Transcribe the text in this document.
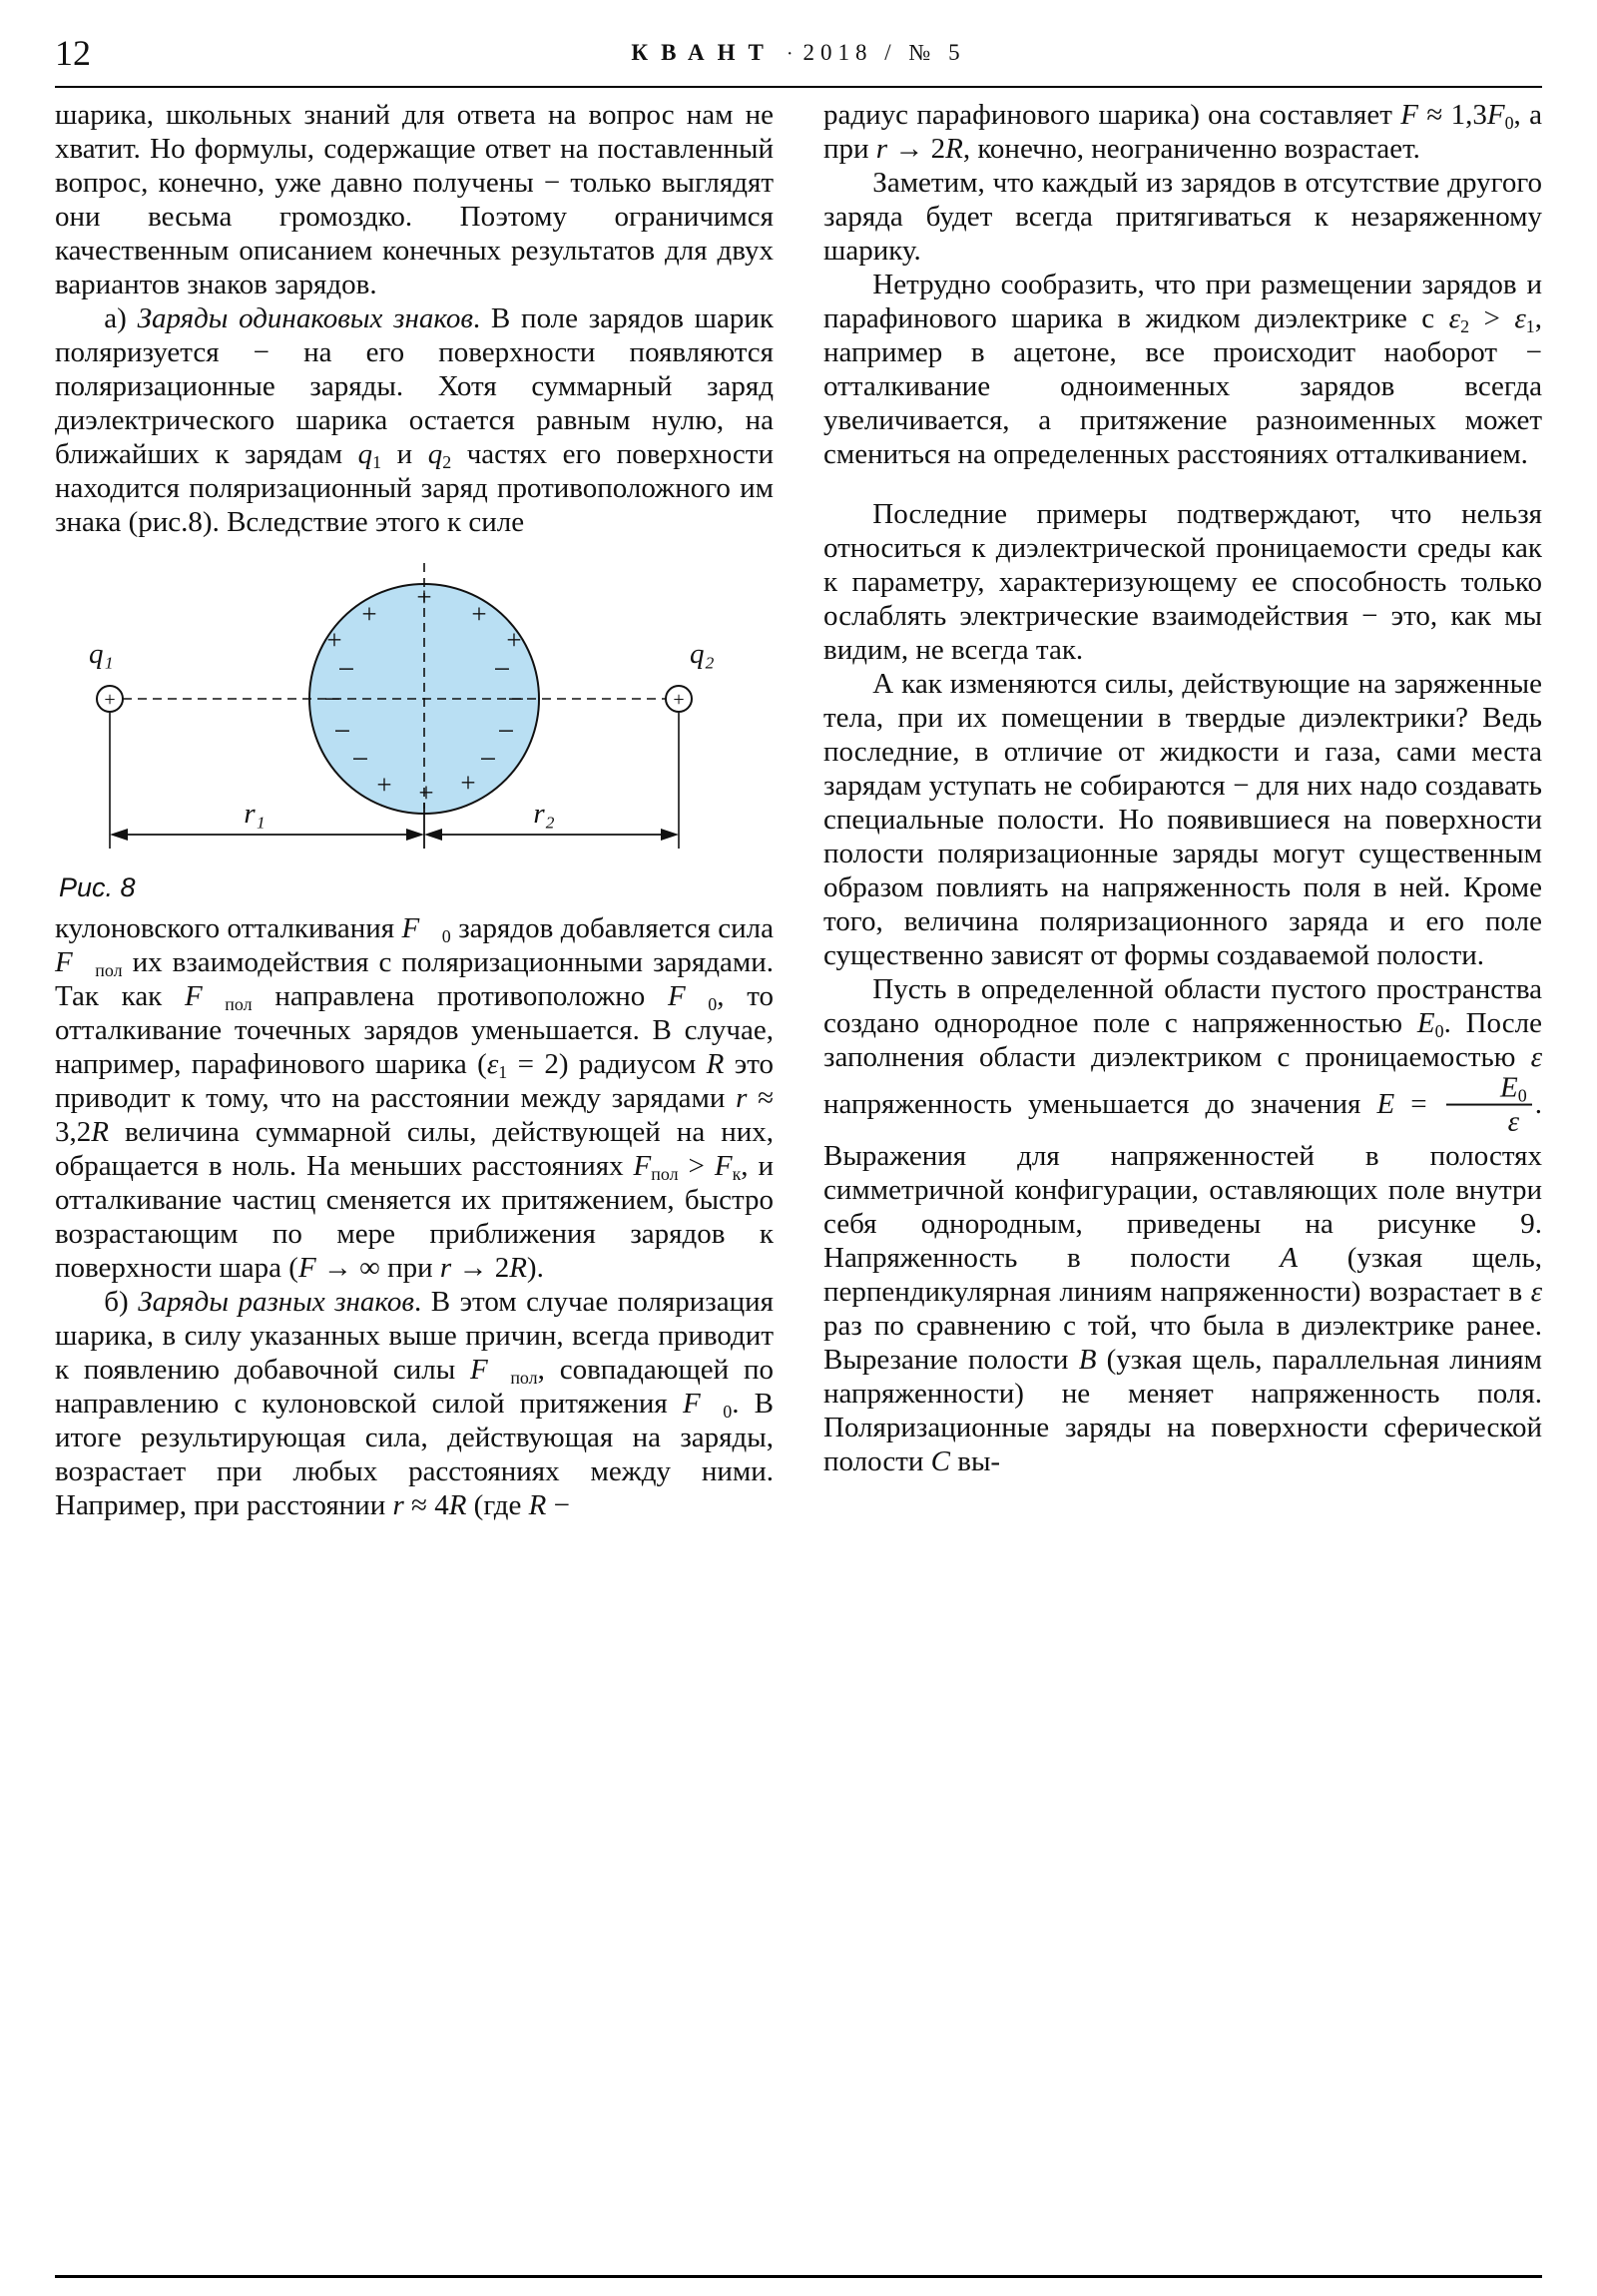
12	КВАНТ · 2018 / № 5

шарика, школьных знаний для ответа на вопрос нам не хватит. Но формулы, содержащие ответ на поставленный вопрос, конечно, уже давно получены − только выглядят они весьма громоздко. Поэтому ограничимся качественным описанием конечных результатов для двух вариантов знаков зарядов.

а) Заряды одинаковых знаков. В поле зарядов шарик поляризуется − на его поверхности появляются поляризационные заряды. Хотя суммарный заряд диэлектрического шарика остается равным нулю, на ближайших к зарядам $q_1$ и $q_2$ частях его поверхности находится поляризационный заряд противоположного им знака (рис.8). Вследствие этого к силе

+
+
+
+	+
−
−
−
−
−
−
−
−
+ + +
+
q₁
+
q₂
r₁	r₂
Рис. 8

кулоновского отталкивания $F⃗_0$ зарядов добавляется сила $F⃗_{пол}$ их взаимодействия с поляризационными зарядами. Так как $F⃗_{пол}$ направлена противоположно $F⃗_0$, то отталкивание точечных зарядов уменьшается. В случае, например, парафинового шарика $(\varepsilon_1 = 2)$ радиусом R это приводит к тому, что на расстоянии между зарядами r ≈ 3,2R величина суммарной силы, действующей на них, обращается в ноль. На меньших расстояниях $F_{пол} > F_к$, и отталкивание частиц сменяется их притяжением, быстро возрастающим по мере приближения зарядов к поверхности шара (F → ∞ при r → 2R).

б) Заряды разных знаков. В этом случае поляризация шарика, в силу указанных выше причин, всегда приводит к появлению добавочной силы $F⃗_{пол}$, совпадающей по направлению с кулоновской силой притяжения $F⃗_0$. В итоге результирующая сила, действующая на заряды, возрастает при любых расстояниях между ними. Например, при расстоянии r ≈ 4R (где R −

радиус парафинового шарика) она составляет $F \approx 1,3F_0$, а при r → 2R, конечно, неограниченно возрастает.

Заметим, что каждый из зарядов в отсутствие другого заряда будет всегда притягиваться к незаряженному шарику.

Нетрудно сообразить, что при размещении зарядов и парафинового шарика в жидком диэлектрике с $\varepsilon_2 > \varepsilon_1$, например в ацетоне, все происходит наоборот − отталкивание одноименных зарядов всегда увеличивается, а притяжение разноименных может смениться на определенных расстояниях отталкиванием.

Последние примеры подтверждают, что нельзя относиться к диэлектрической проницаемости среды как к параметру, характеризующему ее способность только ослаблять электрические взаимодействия − это, как мы видим, не всегда так.

А как изменяются силы, действующие на заряженные тела, при их помещении в твердые диэлектрики? Ведь последние, в отличие от жидкости и газа, сами места зарядам уступать не собираются − для них надо создавать специальные полости. Но появившиеся на поверхности полости поляризационные заряды могут существенным образом повлиять на напряженность поля в ней. Кроме того, величина поляризационного заряда и его поле существенно зависят от формы создаваемой полости.

Пусть в определенной области пустого пространства создано однородное поле с напряженностью $E_0$. После заполнения области диэлектриком с проницаемостью ε напряженность уменьшается до значения $E = \frac{E_0}{\varepsilon}$ . Выражения для напряженностей в полостях симметричной конфигурации, оставляющих поле внутри себя однородным, приведены на рисунке 9. Напряженность в полости A (узкая щель, перпендикулярная линиям напряженности) возрастает в ε раз по сравнению с той, что была в диэлектрике ранее. Вырезание полости B (узкая щель, параллельная линиям напряженности) не меняет напряженность поля. Поляризационные заряды на поверхности сферической полости C вы-
